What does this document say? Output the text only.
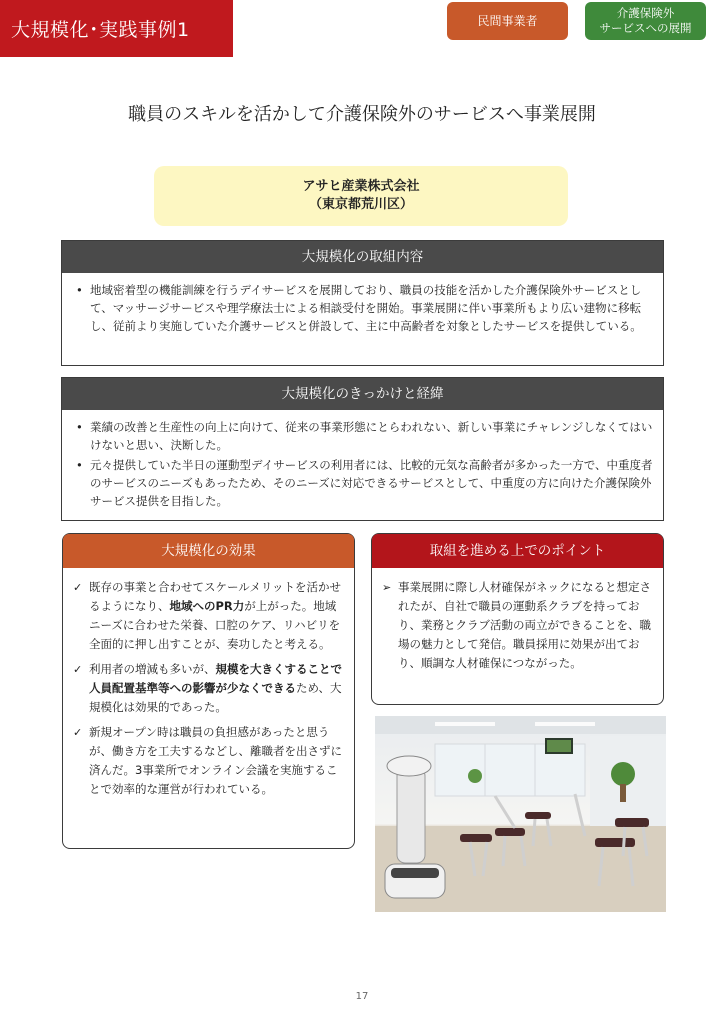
大規模化･実践事例1	民間事業者
介護保険外
サービスへの展開
職員のスキルを活かして介護保険外のサービスへ事業展開
アサヒ産業株式会社
（東京都荒川区）
大規模化の取組内容
• 地域密着型の機能訓練を行うデイサービスを展開しており、職員の技能を活かした介護保険外サービスとして、マッサージサービスや理学療法士による相談受付を開始。事業展開に伴い事業所もより広い建物に移転し、従前より実施していた介護サービスと併設して、主に中高齢者を対象としたサービスを提供している。
大規模化のきっかけと経緯
• 業績の改善と生産性の向上に向けて、従来の事業形態にとらわれない、新しい事業にチャレンジしなくてはいけないと思い、決断した。
• 元々提供していた半日の運動型デイサービスの利用者には、比較的元気な高齢者が多かった一方で、中重度者のサービスのニーズもあったため、そのニーズに対応できるサービスとして、中重度の方に向けた介護保険外サービス提供を目指した。
大規模化の効果
✓ 既存の事業と合わせてスケールメリットを活かせるようになり、地域へのPR力が上がった。地域ニーズに合わせた栄養、口腔のケア、リハビリを全面的に押し出すことが、奏功したと考える。
✓ 利用者の増減も多いが、規模を大きくすることで人員配置基準等への影響が少なくできるため、大規模化は効果的であった。
✓ 新規オープン時は職員の負担感があったと思うが、働き方を工夫するなどし、離職者を出さずに済んだ。3事業所でオンライン会議を実施することで効率的な運営が行われている。
取組を進める上でのポイント
➢ 事業展開に際し人材確保がネックになると想定されたが、自社で職員の運動系クラブを持っており、業務とクラブ活動の両立ができることを、職場の魅力として発信。職員採用に効果が出ており、順調な人材確保につながった。
17
